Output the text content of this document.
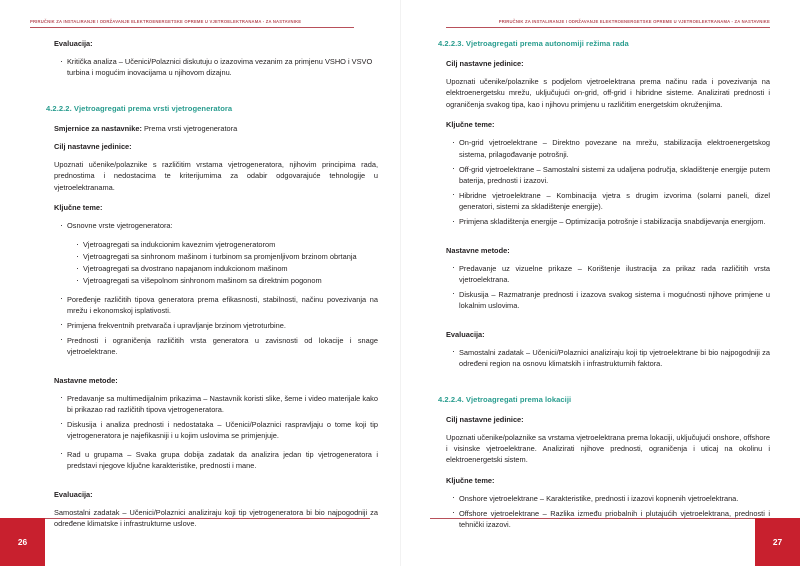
PRIRUČNIK ZA INSTALIRANJE I ODRŽAVANJE ELEKTROENERGETSKE OPREME U VJETROELEKTRANAMA - ZA NASTAVNIKE
Evaluacija:
· Kritička analiza – Učenici/Polaznici diskutuju o izazovima vezanim za primjenu VSHO i VSVO turbina i mogućim inovacijama u njihovom dizajnu.
4.2.2.2. Vjetroagregati prema vrsti vjetrogeneratora
Smjernice za nastavnike: Prema vrsti vjetrogeneratora
Cilj nastavne jedinice:
Upoznati učenike/polaznike s različitim vrstama vjetrogeneratora, njihovim principima rada, prednostima i nedostacima te kriterijumima za odabir odgovarajuće tehnologije u vjetroelektranama.
Ključne teme:
· Osnovne vrste vjetrogeneratora:
· Vjetroagregati sa indukcionim kaveznim vjetrogeneratorom
· Vjetroagregati sa sinhronom mašinom i turbinom sa promjenljivom brzinom obrtanja
· Vjetroagregati sa dvostrano napajanom indukcionom mašinom
· Vjetroagregati sa višepolnom sinhronom mašinom sa direktnim pogonom
· Poređenje različitih tipova generatora prema efikasnosti, stabilnosti, načinu povezivanja na mrežu i ekonomskoj isplativosti.
· Primjena frekventnih pretvarača i upravljanje brzinom vjetroturbine.
· Prednosti i ograničenja različitih vrsta generatora u zavisnosti od lokacije i snage vjetroelektrane.
Nastavne metode:
· Predavanje sa multimedijalnim prikazima – Nastavnik koristi slike, šeme i video materijale kako bi prikazao rad različitih tipova vjetrogeneratora.
· Diskusija i analiza prednosti i nedostataka – Učenici/Polaznici raspravljaju o tome koji tip vjetrogeneratora je najefikasniji i u kojim uslovima se primjenjuje.
· Rad u grupama – Svaka grupa dobija zadatak da analizira jedan tip vjetrogeneratora i predstavi njegove ključne karakteristike, prednosti i mane.
Evaluacija:
Samostalni zadatak – Učenici/Polaznici analiziraju koji tip vjetrogeneratora bi bio najpogodniji za određene klimatske i infrastrukturne uslove.
26
PRIRUČNIK ZA INSTALIRANJE I ODRŽAVANJE ELEKTROENERGETSKE OPREME U VJETROELEKTRANAMA - ZA NASTAVNIKE
4.2.2.3. Vjetroagregati prema autonomiji režima rada
Cilj nastavne jedinice:
Upoznati učenike/polaznike s podjelom vjetroelektrana prema načinu rada i povezivanja na elektroenergetsku mrežu, uključujući on-grid, off-grid i hibridne sisteme. Analizirati prednosti i ograničenja svakog tipa, kao i njihovu primjenu u različitim energetskim okruženjima.
Ključne teme:
· On-grid vjetroelektrane – Direktno povezane na mrežu, stabilizacija elektroenergetskog sistema, prilagođavanje potrošnji.
· Off-grid vjetroelektrane – Samostalni sistemi za udaljena područja, skladištenje energije putem baterija, prednosti i izazovi.
· Hibridne vjetroelektrane – Kombinacija vjetra s drugim izvorima (solarni paneli, dizel generatori, sistemi za skladištenje energije).
· Primjena skladištenja energije – Optimizacija potrošnje i stabilizacija snabdijevanja energijom.
Nastavne metode:
· Predavanje uz vizuelne prikaze – Korištenje ilustracija za prikaz rada različitih vrsta vjetroelektrana.
· Diskusija – Razmatranje prednosti i izazova svakog sistema i mogućnosti njihove primjene u lokalnim uslovima.
Evaluacija:
· Samostalni zadatak – Učenici/Polaznici analiziraju koji tip vjetroelektrane bi bio najpogodniji za određeni region na osnovu klimatskih i infrastrukturnih faktora.
4.2.2.4. Vjetroagregati prema lokaciji
Cilj nastavne jedinice:
Upoznati učenike/polaznike sa vrstama vjetroelektrana prema lokaciji, uključujući onshore, offshore i visinske vjetroelektrane. Analizirati njihove prednosti, ograničenja i uticaj na okolinu i elektroenergetski sistem.
Ključne teme:
· Onshore vjetroelektrane – Karakteristike, prednosti i izazovi kopnenih vjetroelektrana.
· Offshore vjetroelektrane – Razlika između priobalnih i plutajućih vjetroelektrana, prednosti i tehnički izazovi.
27
